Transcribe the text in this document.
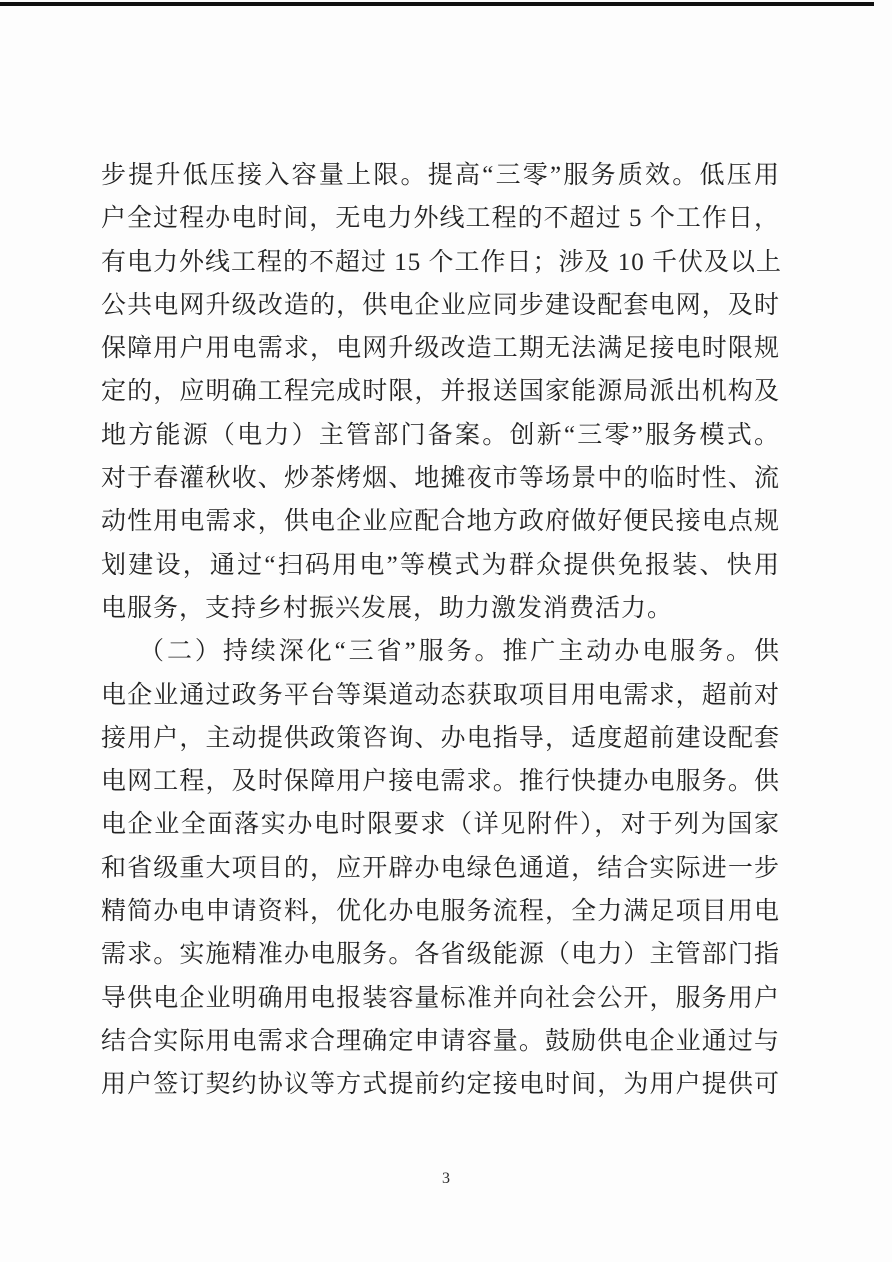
步提升低压接入容量上限。提高“三零”服务质效。低压用
户全过程办电时间，无电力外线工程的不超过 5 个工作日，
有电力外线工程的不超过 15 个工作日；涉及 10 千伏及以上
公共电网升级改造的，供电企业应同步建设配套电网，及时
保障用户用电需求，电网升级改造工期无法满足接电时限规
定的，应明确工程完成时限，并报送国家能源局派出机构及
地方能源（电力）主管部门备案。创新“三零”服务模式。
对于春灌秋收、炒茶烤烟、地摊夜市等场景中的临时性、流
动性用电需求，供电企业应配合地方政府做好便民接电点规
划建设，通过“扫码用电”等模式为群众提供免报装、快用
电服务，支持乡村振兴发展，助力激发消费活力。
（二）持续深化“三省”服务。推广主动办电服务。供
电企业通过政务平台等渠道动态获取项目用电需求，超前对
接用户，主动提供政策咨询、办电指导，适度超前建设配套
电网工程，及时保障用户接电需求。推行快捷办电服务。供
电企业全面落实办电时限要求（详见附件），对于列为国家
和省级重大项目的，应开辟办电绿色通道，结合实际进一步
精简办电申请资料，优化办电服务流程，全力满足项目用电
需求。实施精准办电服务。各省级能源（电力）主管部门指
导供电企业明确用电报装容量标准并向社会公开，服务用户
结合实际用电需求合理确定申请容量。鼓励供电企业通过与
用户签订契约协议等方式提前约定接电时间，为用户提供可
3
